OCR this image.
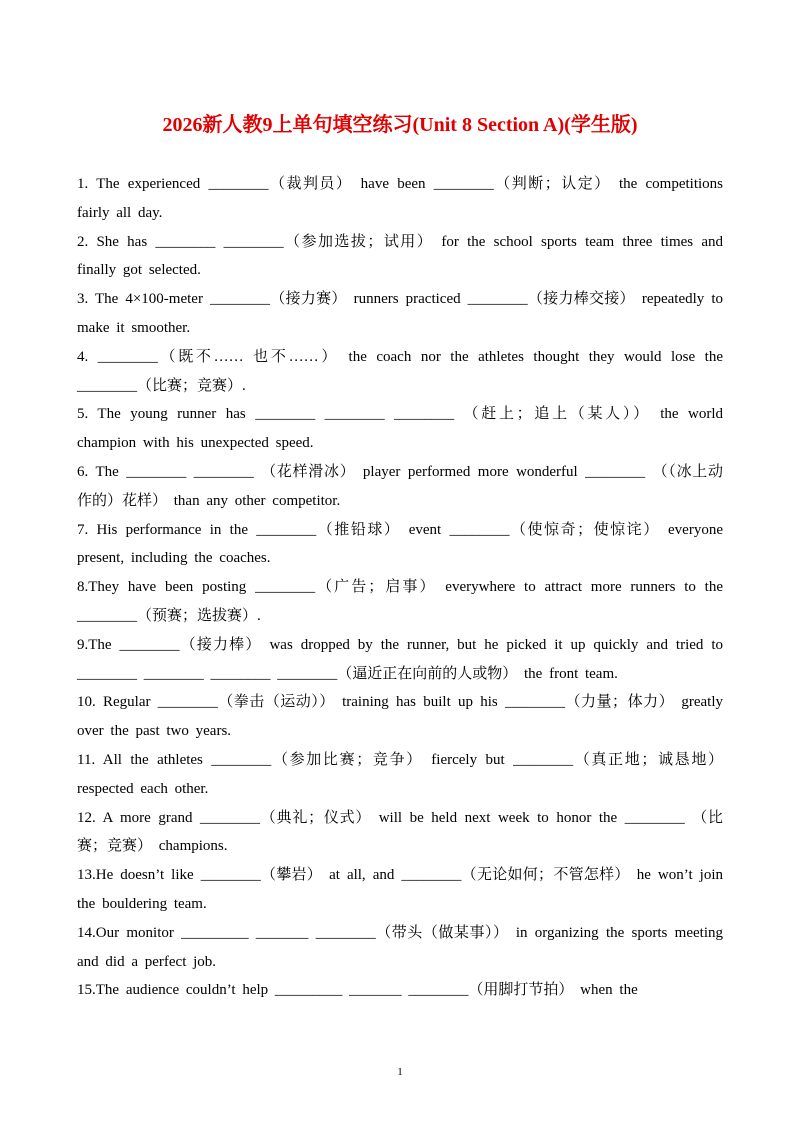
2026新人教9上单句填空练习(Unit 8 Section A)(学生版)

1. The experienced ________（裁判员） have been ________（判断；认定） the competitions fairly all day.

2. She has ________ ________（参加选拔；试用） for the school sports team three times and finally got selected.

3. The 4×100-meter ________（接力赛） runners practiced ________（接力棒交接） repeatedly to make it smoother.

4. ________（既不…… 也不……） the coach nor the athletes thought they would lose the ________（比赛；竞赛）.

5. The young runner has ________ ________ ________ （赶上；追上（某人）） the world champion with his unexpected speed.

6. The ________ ________ （花样滑冰） player performed more wonderful ________ （（冰上动作的）花样） than any other competitor.

7. His performance in the ________（推铅球） event ________（使惊奇；使惊诧） everyone present, including the coaches.

8.They have been posting ________（广告；启事） everywhere to attract more runners to the ________（预赛；选拔赛）.

9.The ________（接力棒） was dropped by the runner, but he picked it up quickly and tried to ________ ________ ________ ________（逼近正在向前的人或物） the front team.

10. Regular ________（拳击（运动）） training has built up his ________（力量；体力） greatly over the past two years.

11. All the athletes ________（参加比赛；竞争） fiercely but ________（真正地；诚恳地） respected each other.

12. A more grand ________（典礼；仪式） will be held next week to honor the ________ （比赛；竞赛） champions.

13.He doesn’t like ________（攀岩） at all, and ________（无论如何；不管怎样） he won’t join the bouldering team.

14.Our monitor _________ _______ ________（带头（做某事）） in organizing the sports meeting and did a perfect job.

15.The audience couldn’t help _________ _______ ________（用脚打节拍） when the

1
